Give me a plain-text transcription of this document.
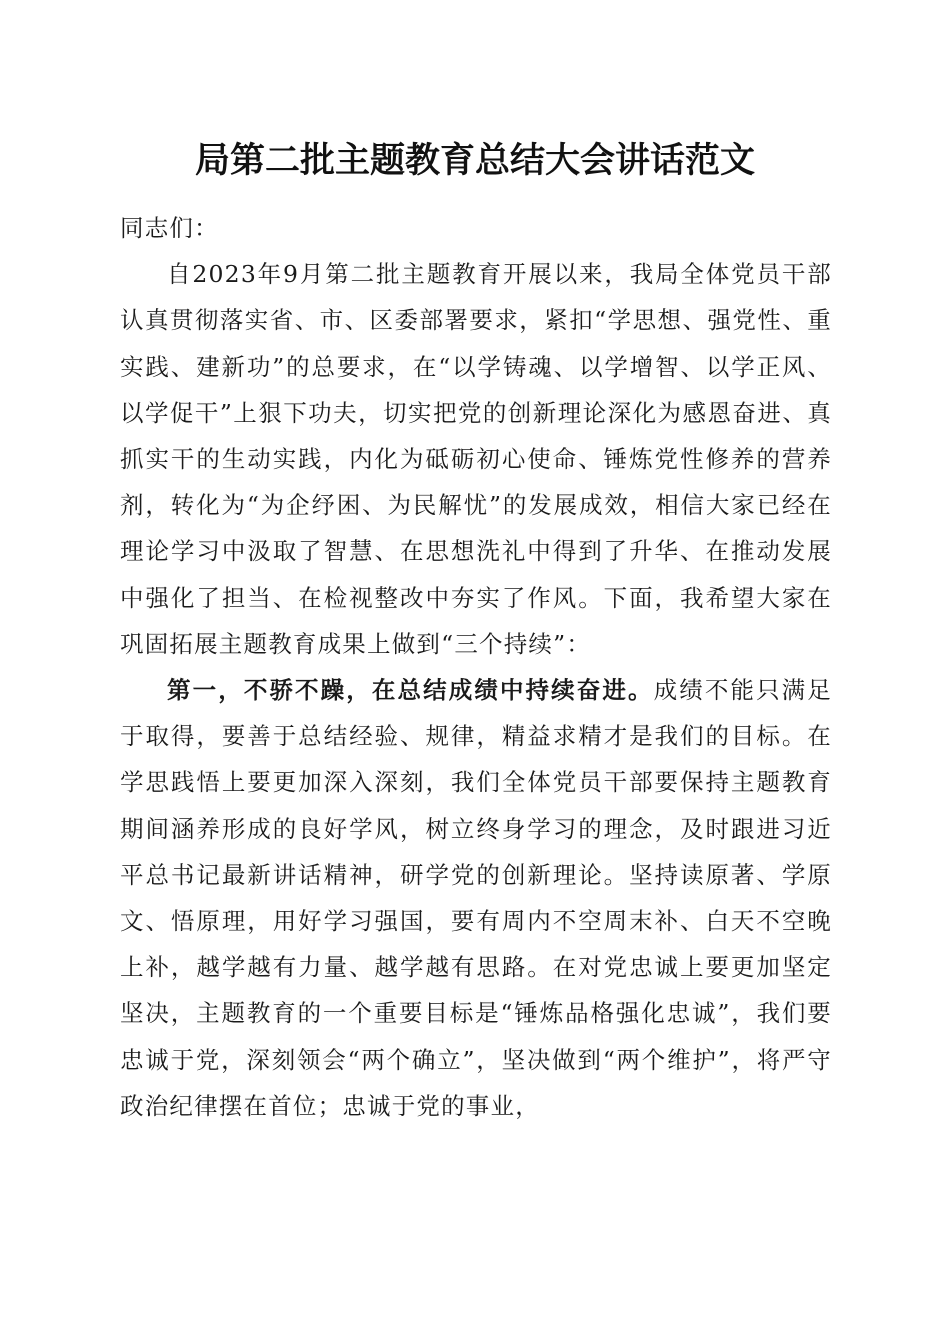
局第二批主题教育总结大会讲话范文

同志们：

自2023年9月第二批主题教育开展以来，我局全体党员干部认真贯彻落实省、市、区委部署要求，紧扣“学思想、强党性、重实践、建新功”的总要求，在“以学铸魂、以学增智、以学正风、以学促干”上狠下功夫，切实把党的创新理论深化为感恩奋进、真抓实干的生动实践，内化为砥砺初心使命、锤炼党性修养的营养剂，转化为“为企纾困、为民解忧”的发展成效，相信大家已经在理论学习中汲取了智慧、在思想洗礼中得到了升华、在推动发展中强化了担当、在检视整改中夯实了作风。下面，我希望大家在巩固拓展主题教育成果上做到“三个持续”：

第一，不骄不躁，在总结成绩中持续奋进。成绩不能只满足于取得，要善于总结经验、规律，精益求精才是我们的目标。在学思践悟上要更加深入深刻，我们全体党员干部要保持主题教育期间涵养形成的良好学风，树立终身学习的理念，及时跟进习近平总书记最新讲话精神，研学党的创新理论。坚持读原著、学原文、悟原理，用好学习强国，要有周内不空周末补、白天不空晚上补，越学越有力量、越学越有思路。在对党忠诚上要更加坚定坚决，主题教育的一个重要目标是“锤炼品格强化忠诚”，我们要忠诚于党，深刻领会“两个确立”，坚决做到“两个维护”，将严守政治纪律摆在首位；忠诚于党的事业，
